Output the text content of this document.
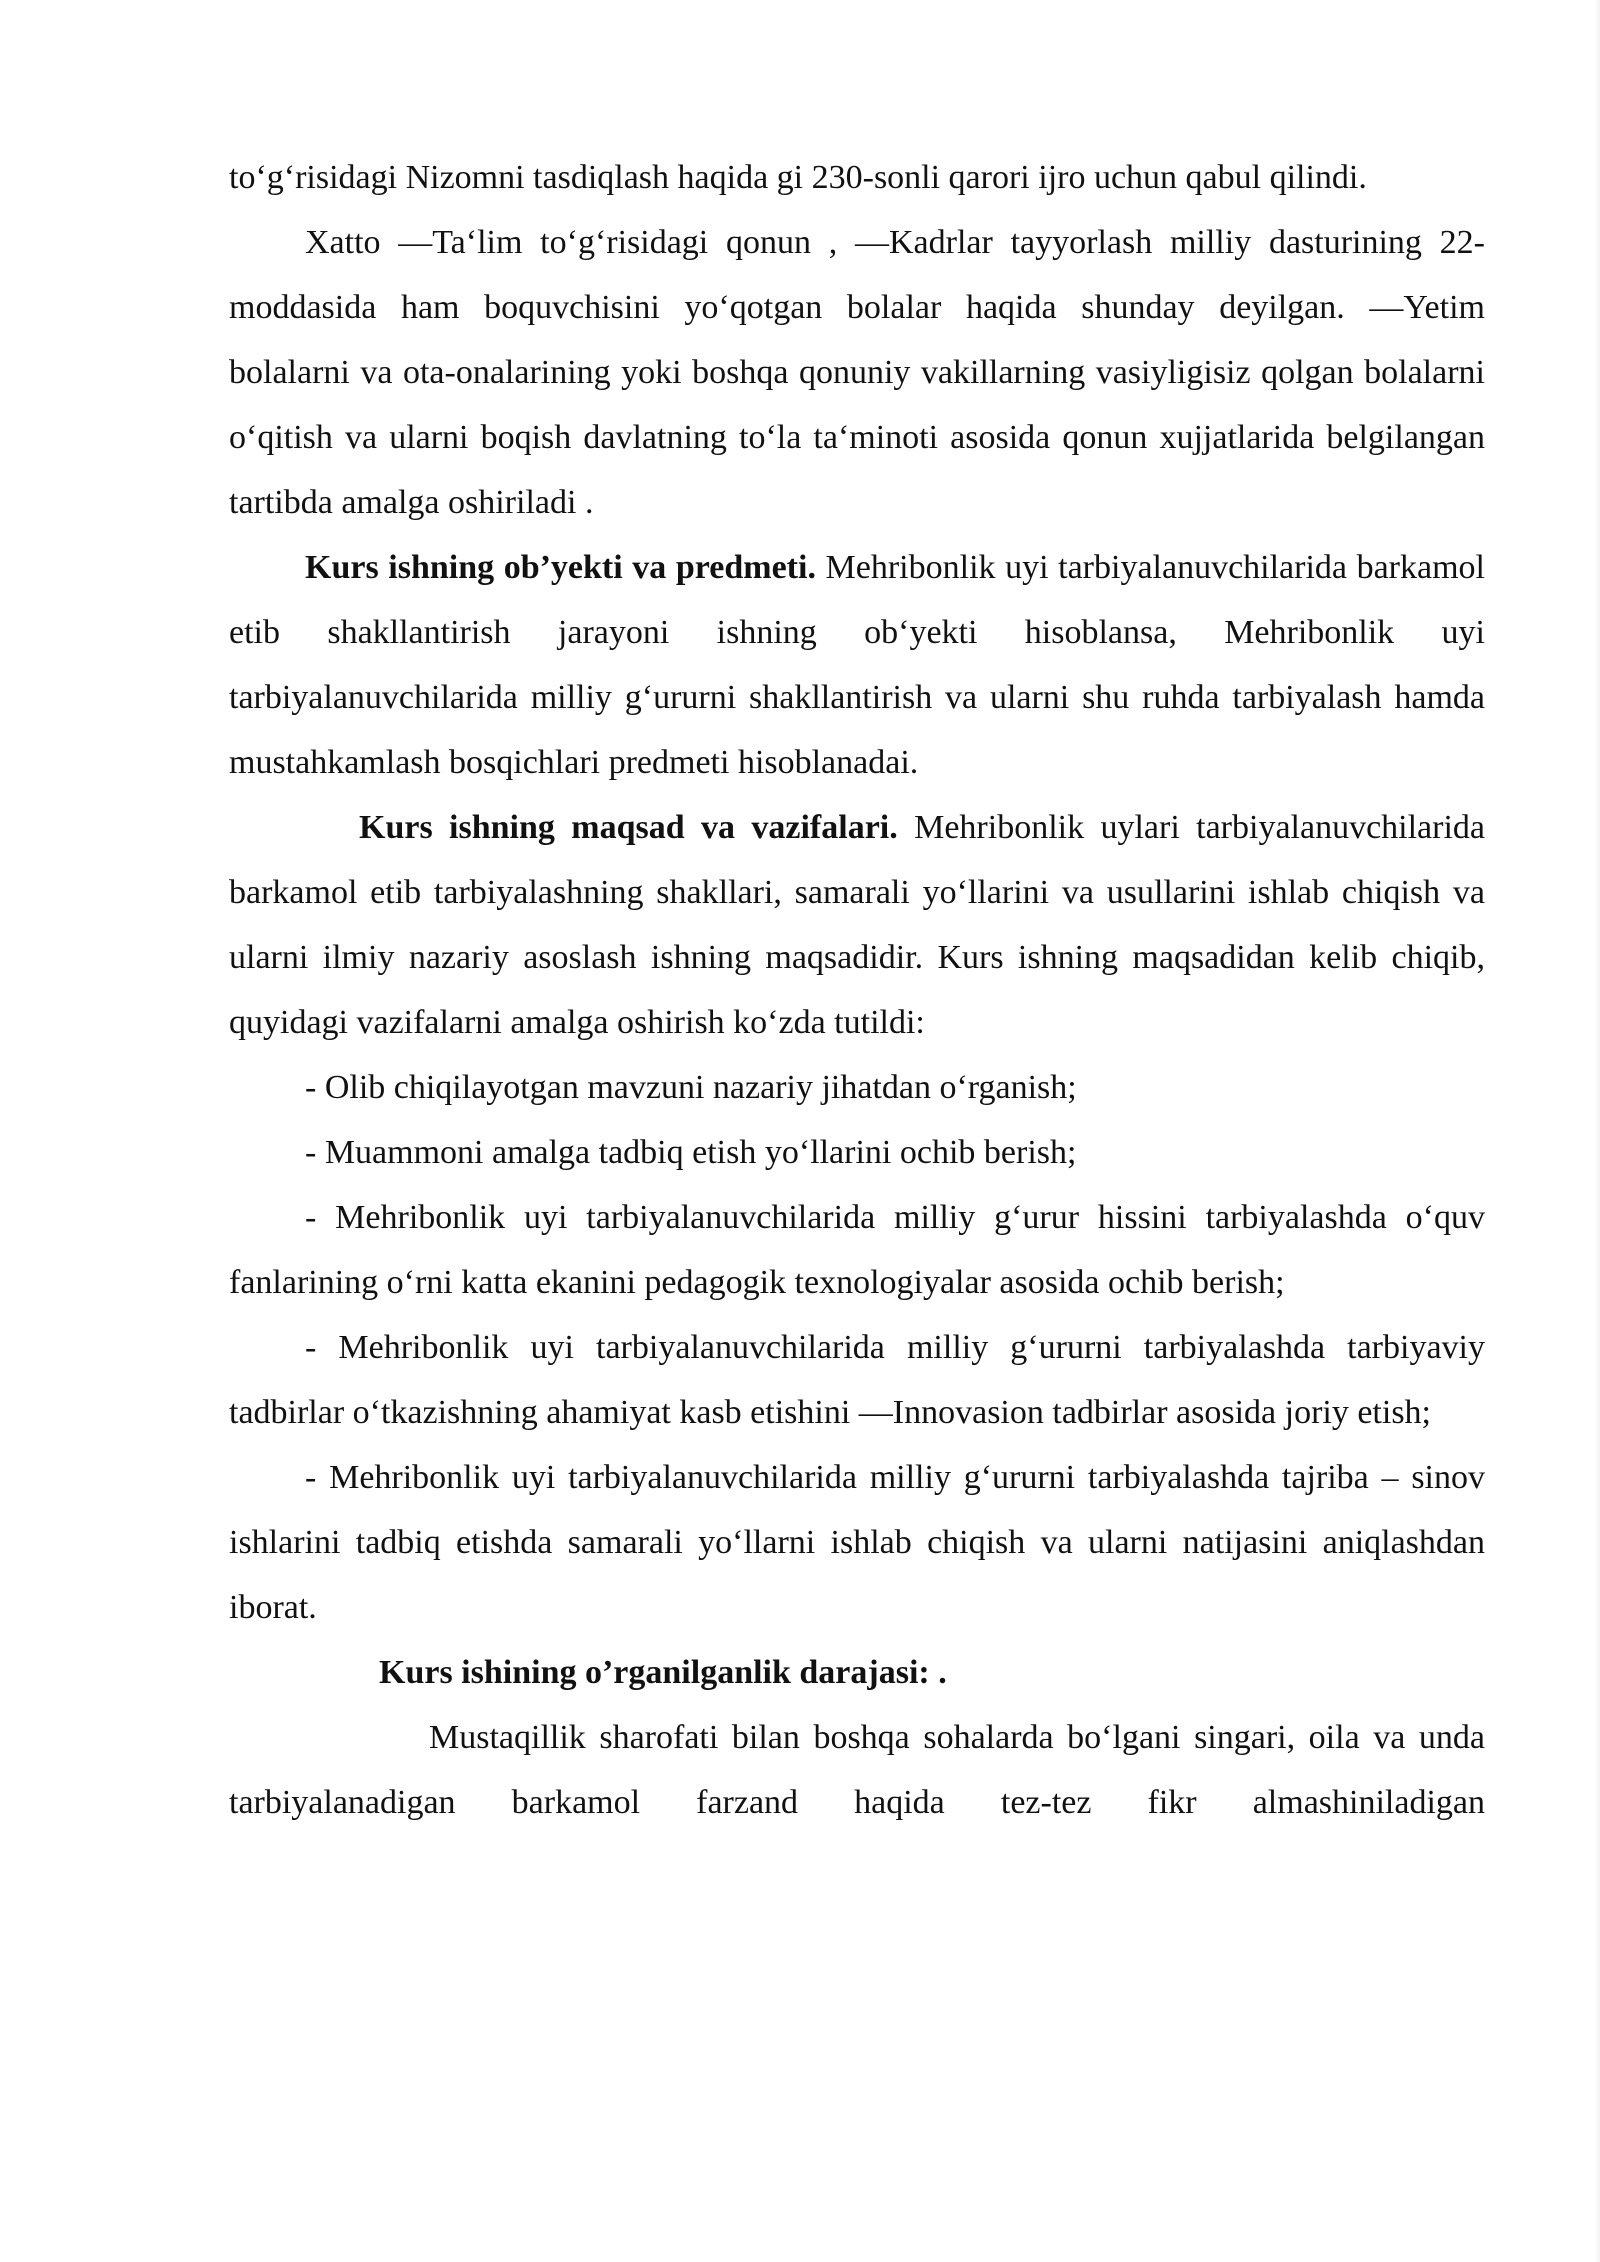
to‘g‘risidagi Nizomni tasdiqlash haqida gi 230-sonli qarori ijro uchun qabul qilindi.

Xatto —Ta‘lim to‘g‘risidagi qonun , —Kadrlar tayyorlash milliy dasturining 22-moddasida ham boquvchisini yo‘qotgan bolalar haqida shunday deyilgan. —Yetim bolalarni va ota-onalarining yoki boshqa qonuniy vakillarning vasiyligisiz qolgan bolalarni o‘qitish va ularni boqish davlatning to‘la ta‘minoti asosida qonun xujjatlarida belgilangan tartibda amalga oshiriladi .

Kurs ishning ob’yekti va predmeti. Mehribonlik uyi tarbiyalanuvchilarida barkamol etib shakllantirish jarayoni ishning ob‘yekti hisoblansa, Mehribonlik uyi tarbiyalanuvchilarida milliy g‘ururni shakllantirish va ularni shu ruhda tarbiyalash hamda mustahkamlash bosqichlari predmeti hisoblanadai.

Kurs ishning maqsad va vazifalari. Mehribonlik uylari tarbiyalanuvchilarida barkamol etib tarbiyalashning shakllari, samarali yo‘llarini va usullarini ishlab chiqish va ularni ilmiy nazariy asoslash ishning maqsadidir. Kurs ishning maqsadidan kelib chiqib, quyidagi vazifalarni amalga oshirish ko‘zda tutildi:

- Olib chiqilayotgan mavzuni nazariy jihatdan o‘rganish;

- Muammoni amalga tadbiq etish yo‘llarini ochib berish;

- Mehribonlik uyi tarbiyalanuvchilarida milliy g‘urur hissini tarbiyalashda o‘quv fanlarining o‘rni katta ekanini pedagogik texnologiyalar asosida ochib berish;

- Mehribonlik uyi tarbiyalanuvchilarida milliy g‘ururni tarbiyalashda tarbiyaviy tadbirlar o‘tkazishning ahamiyat kasb etishini —Innovasion tadbirlar asosida joriy etish;

- Mehribonlik uyi tarbiyalanuvchilarida milliy g‘ururni tarbiyalashda tajriba – sinov ishlarini tadbiq etishda samarali yo‘llarni ishlab chiqish va ularni natijasini aniqlashdan iborat.

Kurs ishining o’rganilganlik darajasi: .

Mustaqillik sharofati bilan boshqa sohalarda bo‘lgani singari, oila va unda tarbiyalanadigan barkamol farzand haqida tez-tez fikr almashiniladigan
